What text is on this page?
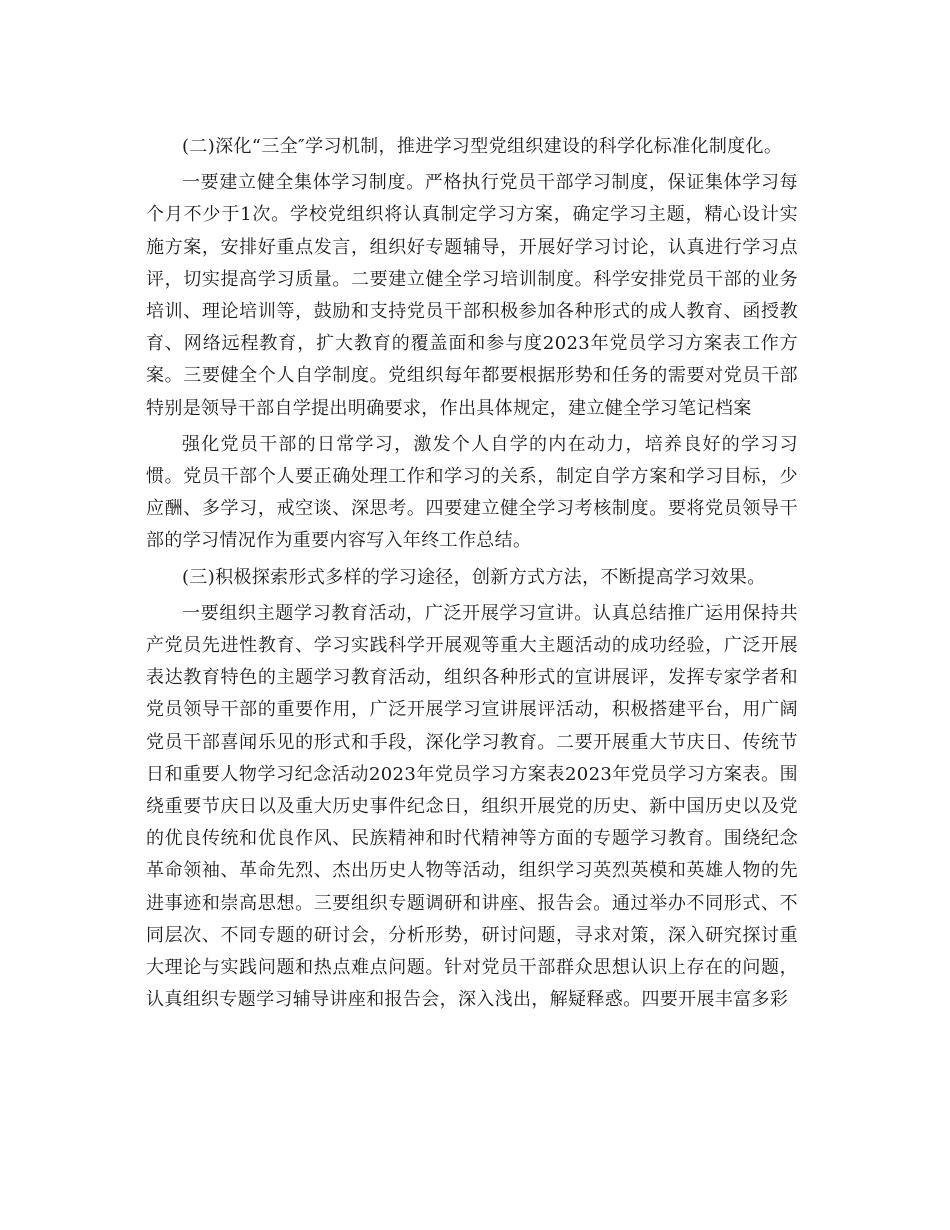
(二)深化“三全″学习机制，推进学习型党组织建设的科学化标准化制度化。

一要建立健全集体学习制度。严格执行党员干部学习制度，保证集体学习每个月不少于1次。学校党组织将认真制定学习方案，确定学习主题，精心设计实施方案，安排好重点发言，组织好专题辅导，开展好学习讨论，认真进行学习点评，切实提高学习质量。二要建立健全学习培训制度。科学安排党员干部的业务培训、理论培训等，鼓励和支持党员干部积极参加各种形式的成人教育、函授教育、网络远程教育，扩大教育的覆盖面和参与度2023年党员学习方案表工作方案。三要健全个人自学制度。党组织每年都要根据形势和任务的需要对党员干部特别是领导干部自学提出明确要求，作出具体规定，建立健全学习笔记档案

强化党员干部的日常学习，激发个人自学的内在动力，培养良好的学习习惯。党员干部个人要正确处理工作和学习的关系，制定自学方案和学习目标，少应酬、多学习，戒空谈、深思考。四要建立健全学习考核制度。要将党员领导干部的学习情况作为重要内容写入年终工作总结。

(三)积极探索形式多样的学习途径，创新方式方法，不断提高学习效果。

一要组织主题学习教育活动，广泛开展学习宣讲。认真总结推广运用保持共产党员先进性教育、学习实践科学开展观等重大主题活动的成功经验，广泛开展表达教育特色的主题学习教育活动，组织各种形式的宣讲展评，发挥专家学者和党员领导干部的重要作用，广泛开展学习宣讲展评活动，积极搭建平台，用广阔党员干部喜闻乐见的形式和手段，深化学习教育。二要开展重大节庆日、传统节日和重要人物学习纪念活动2023年党员学习方案表2023年党员学习方案表。围绕重要节庆日以及重大历史事件纪念日，组织开展党的历史、新中国历史以及党的优良传统和优良作风、民族精神和时代精神等方面的专题学习教育。围绕纪念革命领袖、革命先烈、杰出历史人物等活动，组织学习英烈英模和英雄人物的先进事迹和崇高思想。三要组织专题调研和讲座、报告会。通过举办不同形式、不同层次、不同专题的研讨会，分析形势，研讨问题，寻求对策，深入研究探讨重大理论与实践问题和热点难点问题。针对党员干部群众思想认识上存在的问题，认真组织专题学习辅导讲座和报告会，深入浅出，解疑释惑。四要开展丰富多彩
